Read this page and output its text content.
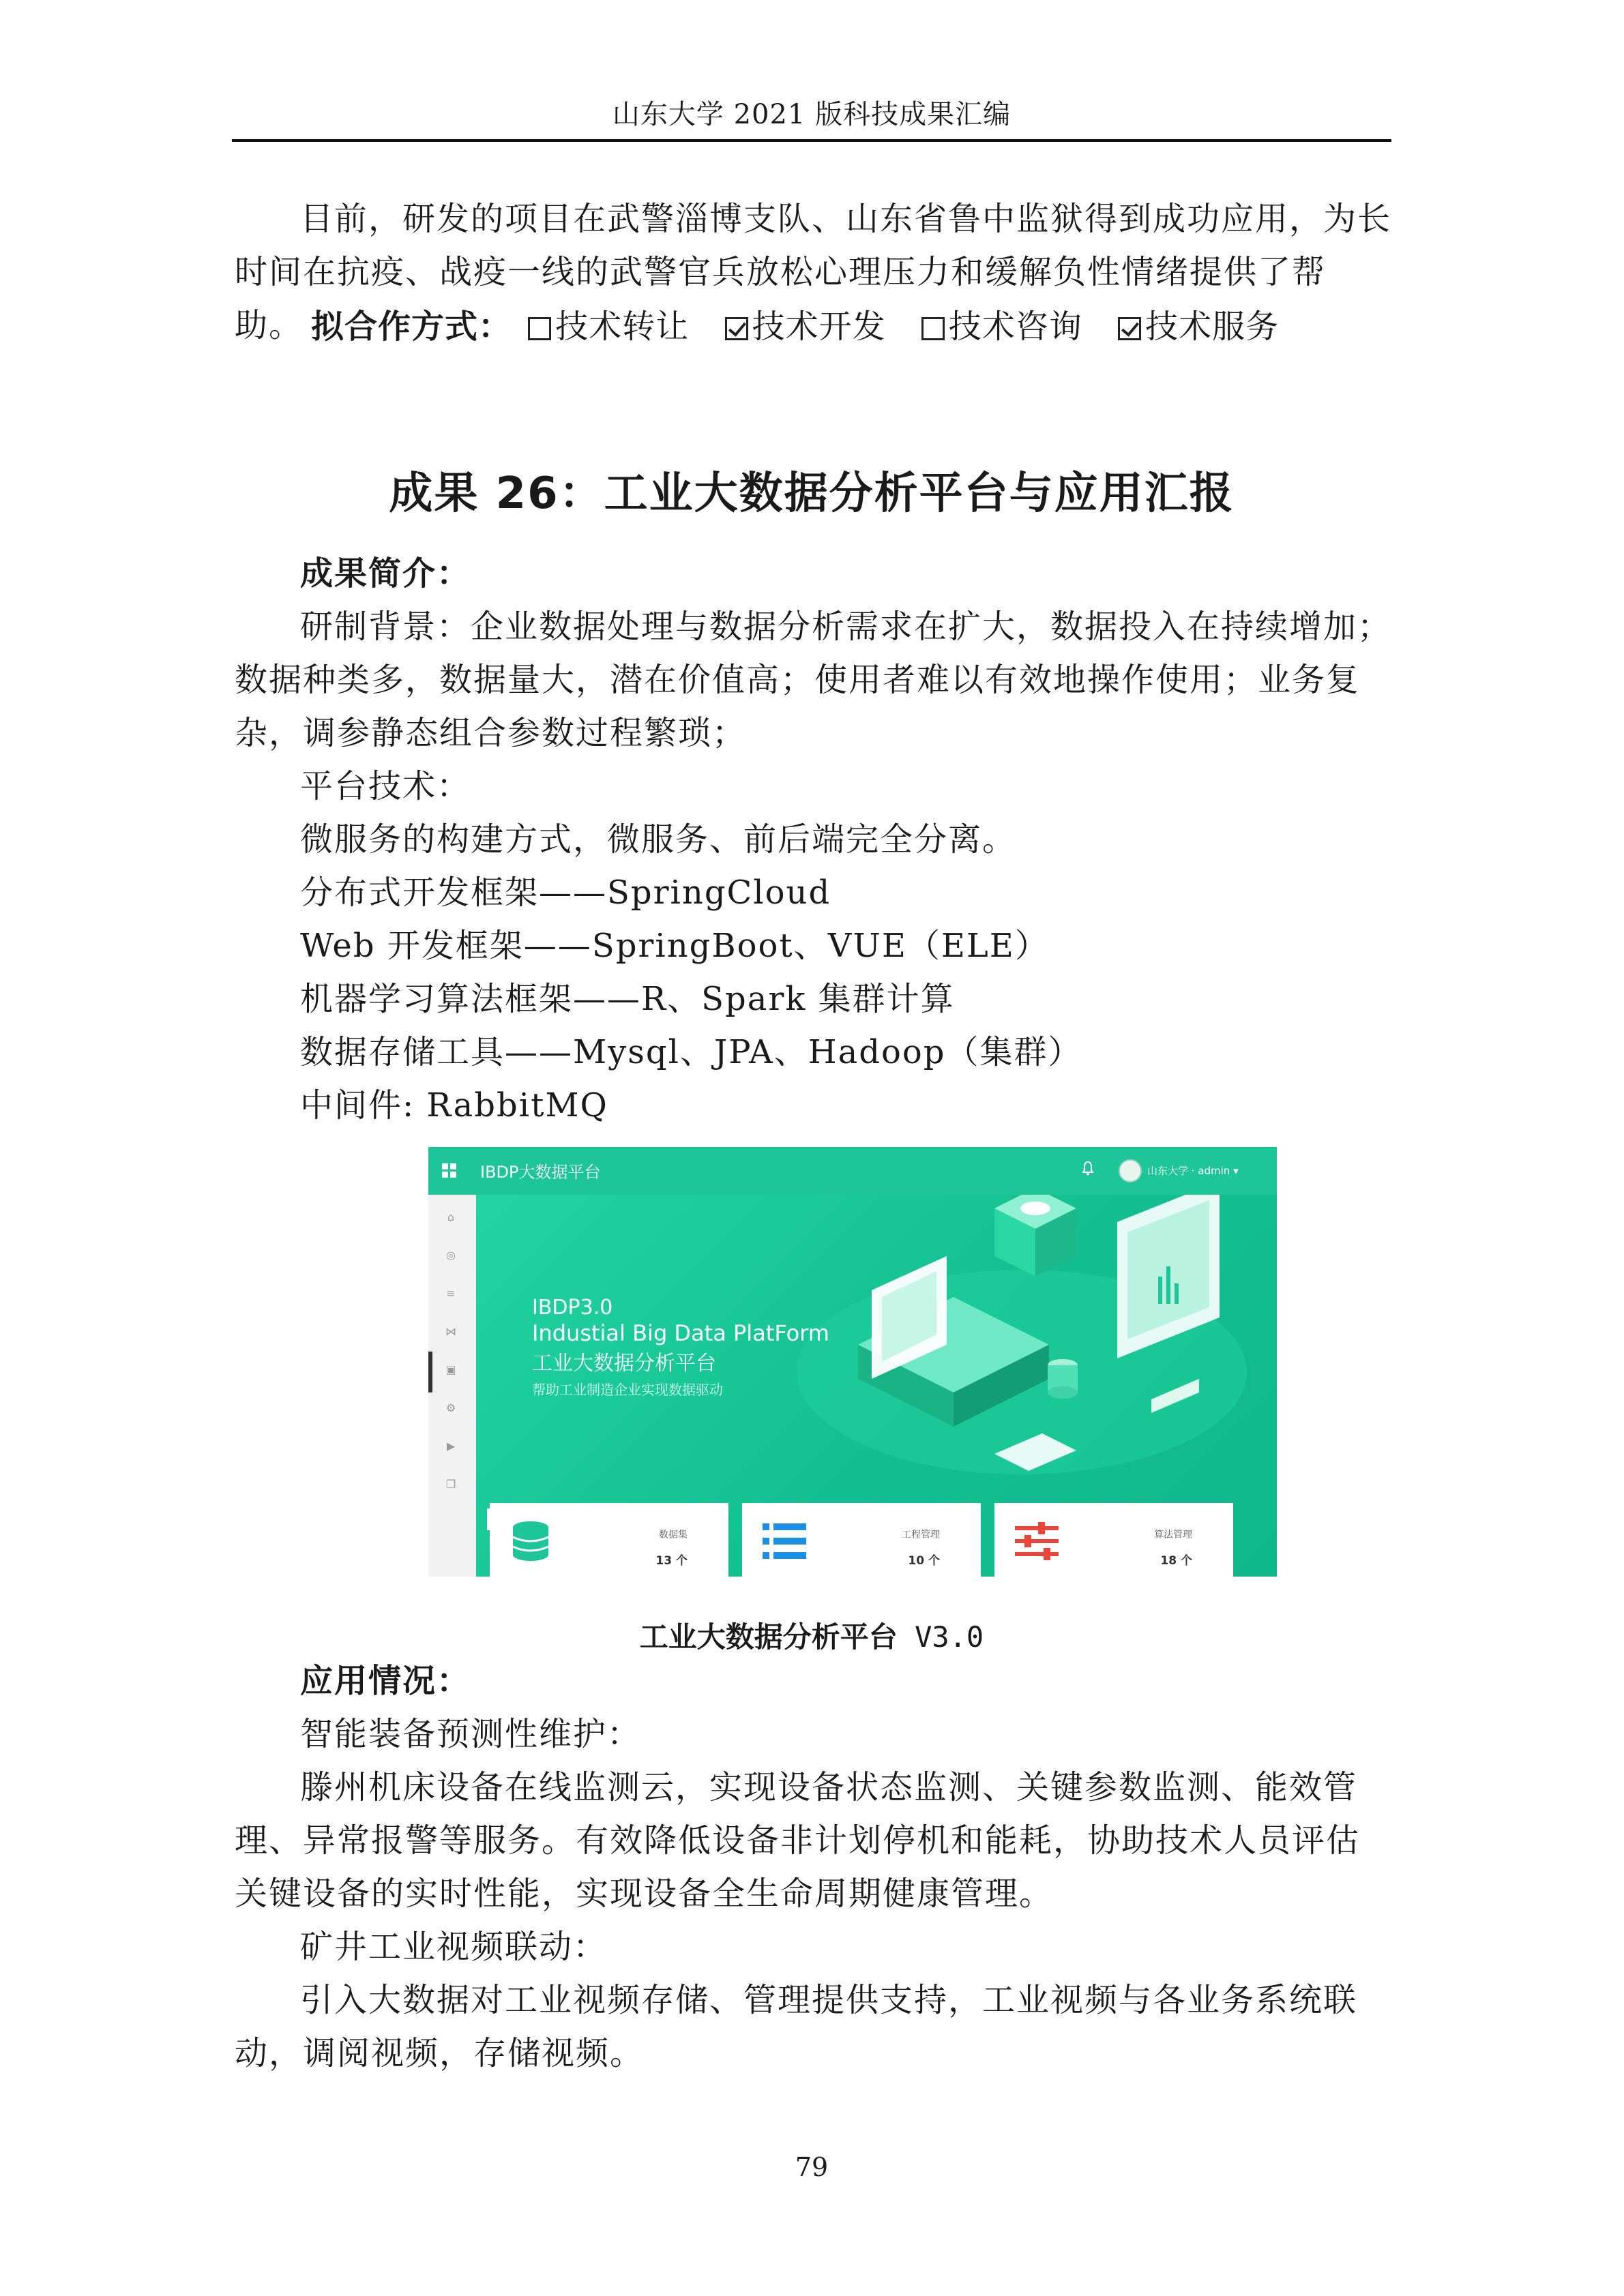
山东大学 2021 版科技成果汇编
目前，研发的项目在武警淄博支队、山东省鲁中监狱得到成功应用，为长时间在抗疫、战疫一线的武警官兵放松心理压力和缓解负性情绪提供了帮助。 拟合作方式： 技术转让 技术开发 技术咨询 技术服务
成果 26：工业大数据分析平台与应用汇报
成果简介：
研制背景：企业数据处理与数据分析需求在扩大，数据投入在持续增加；数据种类多，数据量大，潜在价值高；使用者难以有效地操作使用；业务复杂，调参静态组合参数过程繁琐；
平台技术：
微服务的构建方式，微服务、前后端完全分离。
分布式开发框架——SpringCloud
Web 开发框架——SpringBoot、VUE（ELE）
机器学习算法框架——R、Spark 集群计算
数据存储工具——Mysql、JPA、Hadoop（集群）
中间件: RabbitMQ
IBDP大数据平台	山东大学 · admin ▾
⌂
◎
≡
⋈
▣
⚙
▶
❐
IBDP3.0
Industial Big Data PlatForm
工业大数据分析平台
帮助工业制造企业实现数据驱动
数据集
13 个
工程管理
10 个
算法管理
18 个
工业大数据分析平台 V3.0
应用情况：
智能装备预测性维护：
滕州机床设备在线监测云，实现设备状态监测、关键参数监测、能效管理、异常报警等服务。有效降低设备非计划停机和能耗，协助技术人员评估关键设备的实时性能，实现设备全生命周期健康管理。
矿井工业视频联动：
引入大数据对工业视频存储、管理提供支持，工业视频与各业务系统联动，调阅视频，存储视频。
79
